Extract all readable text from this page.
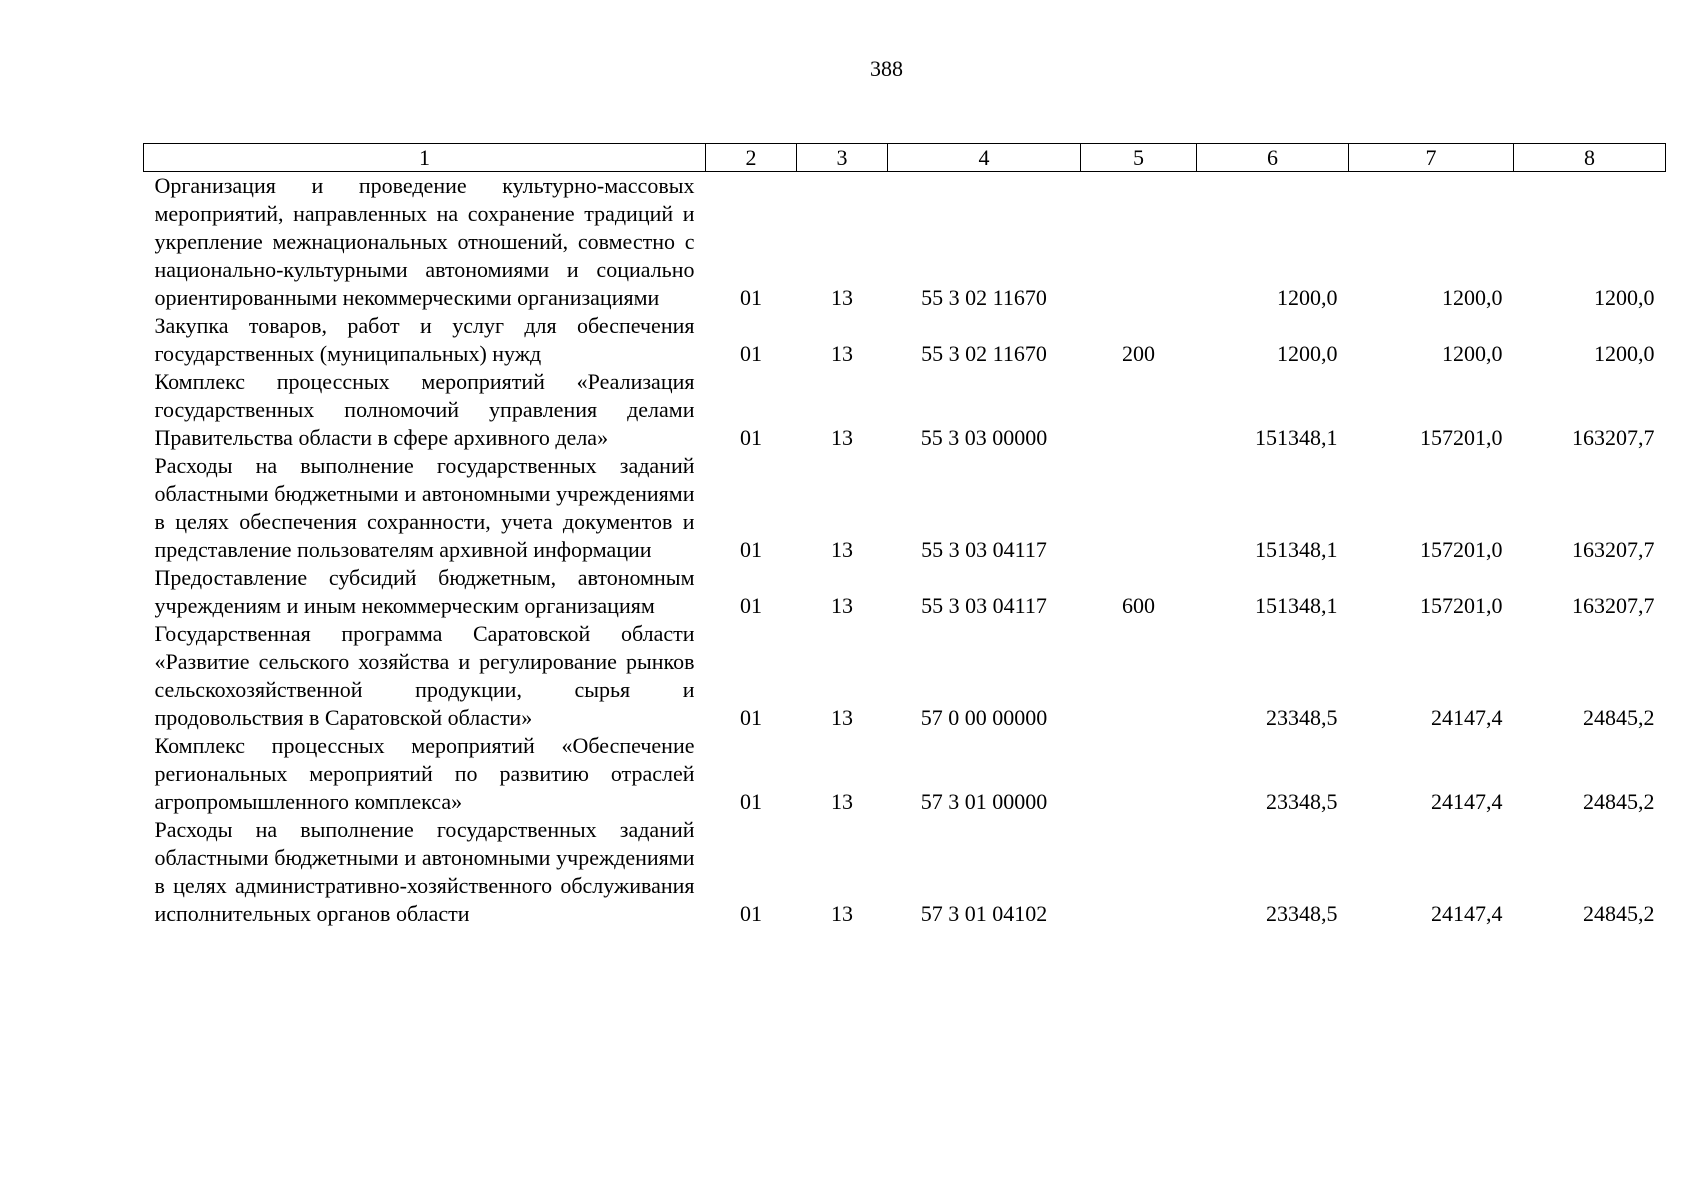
388
1	2	3	4	5	6	7	8
Организация и проведение культурно-массовых мероприятий, направленных на сохранение традиций и укрепление межнациональных отношений, совместно с национально-культурными автономиями и социально ориентированными некоммерческими организациями	01	13	55 3 02 11670		1200,0	1200,0	1200,0
Закупка товаров, работ и услуг для обеспечения государственных (муниципальных) нужд	01	13	55 3 02 11670	200	1200,0	1200,0	1200,0
Комплекс процессных мероприятий «Реализация государственных полномочий управления делами Правительства области в сфере архивного дела»	01	13	55 3 03 00000		151348,1	157201,0	163207,7
Расходы на выполнение государственных заданий областными бюджетными и автономными учреждениями в целях обеспечения сохранности, учета документов и представление пользователям архивной информации	01	13	55 3 03 04117		151348,1	157201,0	163207,7
Предоставление субсидий бюджетным, автономным учреждениям и иным некоммерческим организациям	01	13	55 3 03 04117	600	151348,1	157201,0	163207,7
Государственная программа Саратовской области «Развитие сельского хозяйства и регулирование рынков сельскохозяйственной продукции, сырья и продовольствия в Саратовской области»	01	13	57 0 00 00000		23348,5	24147,4	24845,2
Комплекс процессных мероприятий «Обеспечение региональных мероприятий по развитию отраслей агропромышленного комплекса»	01	13	57 3 01 00000		23348,5	24147,4	24845,2
Расходы на выполнение государственных заданий областными бюджетными и автономными учреждениями в целях административно-хозяйственного обслуживания исполнительных органов области	01	13	57 3 01 04102		23348,5	24147,4	24845,2
